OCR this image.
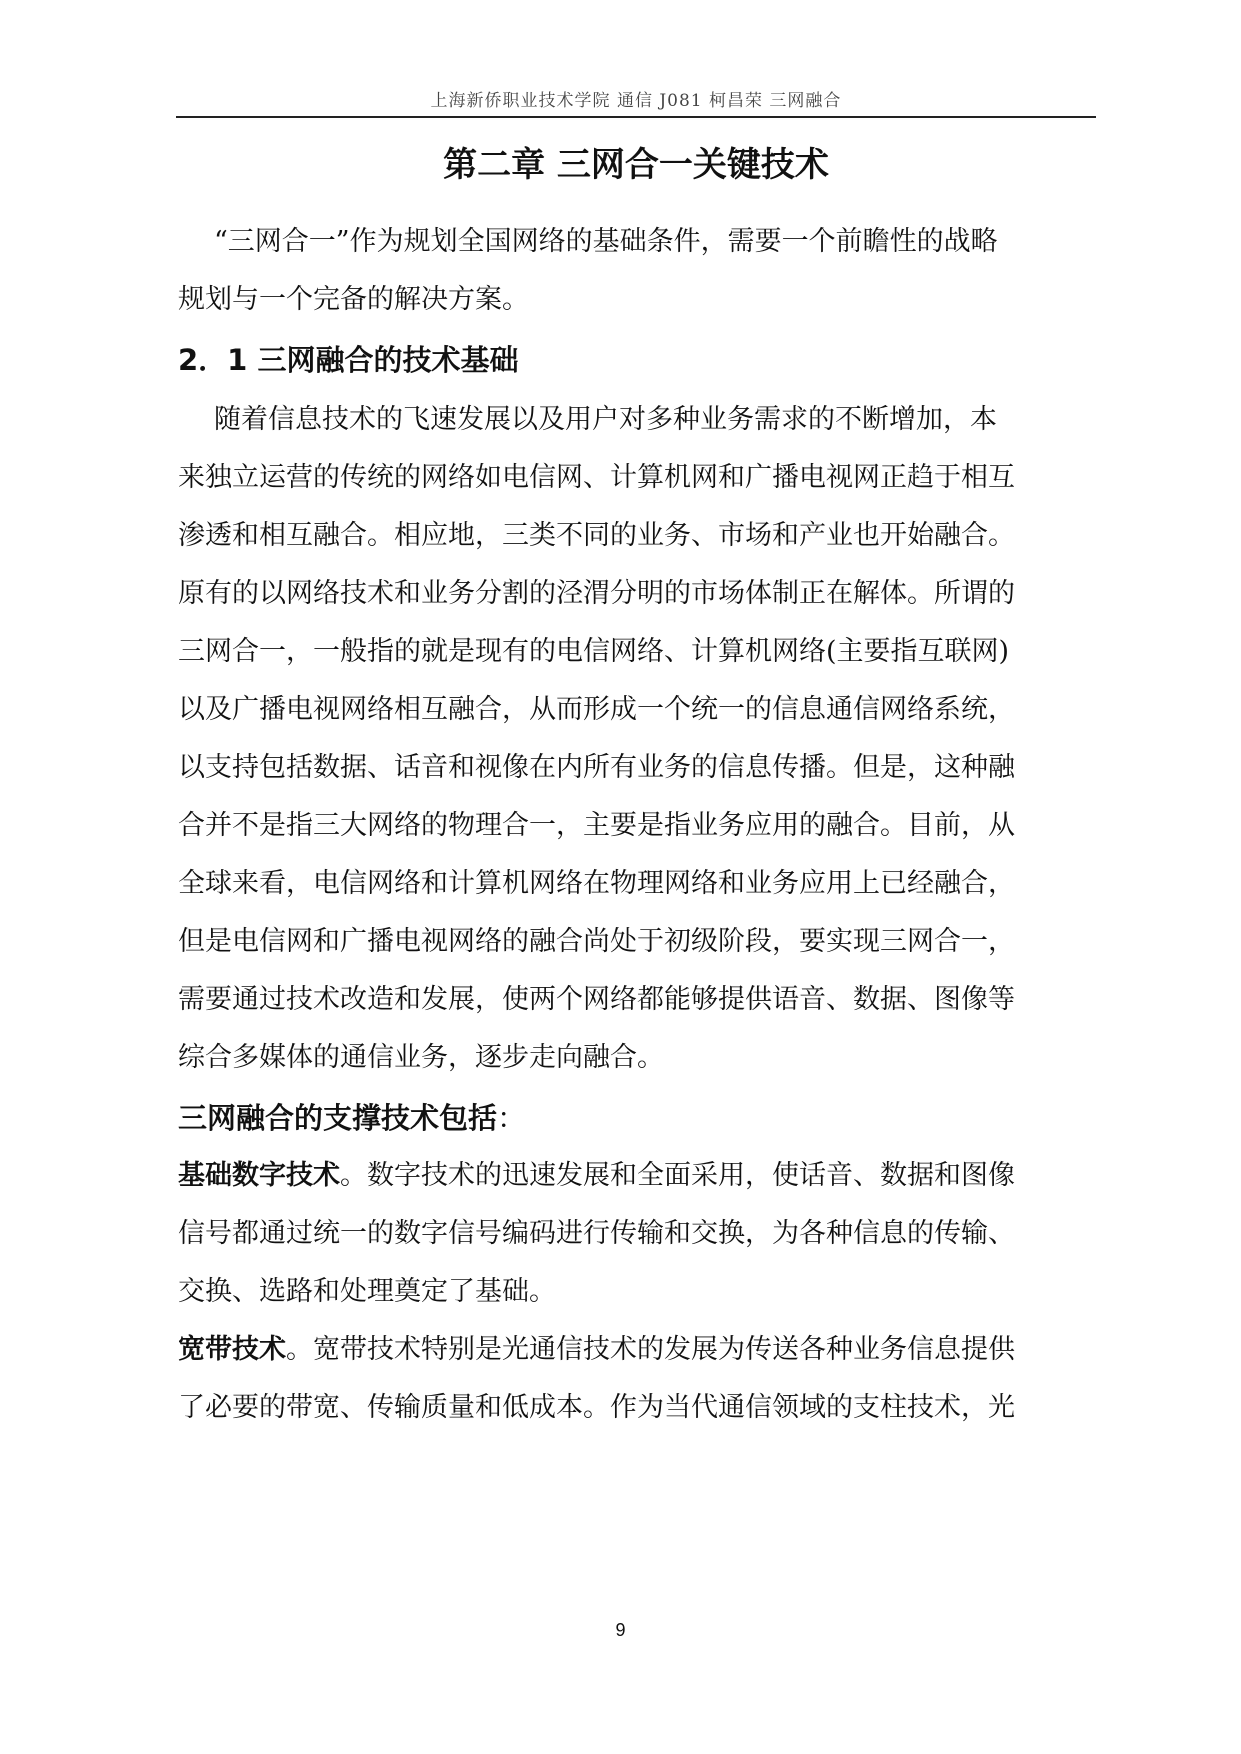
上海新侨职业技术学院 通信 J081 柯昌荣 三网融合
第二章 三网合一关键技术
“三网合一”作为规划全国网络的基础条件，需要一个前瞻性的战略
规划与一个完备的解决方案。
2．1 三网融合的技术基础
随着信息技术的飞速发展以及用户对多种业务需求的不断增加，本
来独立运营的传统的网络如电信网、计算机网和广播电视网正趋于相互
渗透和相互融合。相应地，三类不同的业务、市场和产业也开始融合。
原有的以网络技术和业务分割的泾渭分明的市场体制正在解体。所谓的
三网合一，一般指的就是现有的电信网络、计算机网络(主要指互联网)
以及广播电视网络相互融合，从而形成一个统一的信息通信网络系统，
以支持包括数据、话音和视像在内所有业务的信息传播。但是，这种融
合并不是指三大网络的物理合一，主要是指业务应用的融合。目前，从
全球来看，电信网络和计算机网络在物理网络和业务应用上已经融合，
但是电信网和广播电视网络的融合尚处于初级阶段，要实现三网合一，
需要通过技术改造和发展，使两个网络都能够提供语音、数据、图像等
综合多媒体的通信业务，逐步走向融合。
三网融合的支撑技术包括：
基础数字技术。数字技术的迅速发展和全面采用，使话音、数据和图像
信号都通过统一的数字信号编码进行传输和交换，为各种信息的传输、
交换、选路和处理奠定了基础。
宽带技术。宽带技术特别是光通信技术的发展为传送各种业务信息提供
了必要的带宽、传输质量和低成本。作为当代通信领域的支柱技术，光
9
